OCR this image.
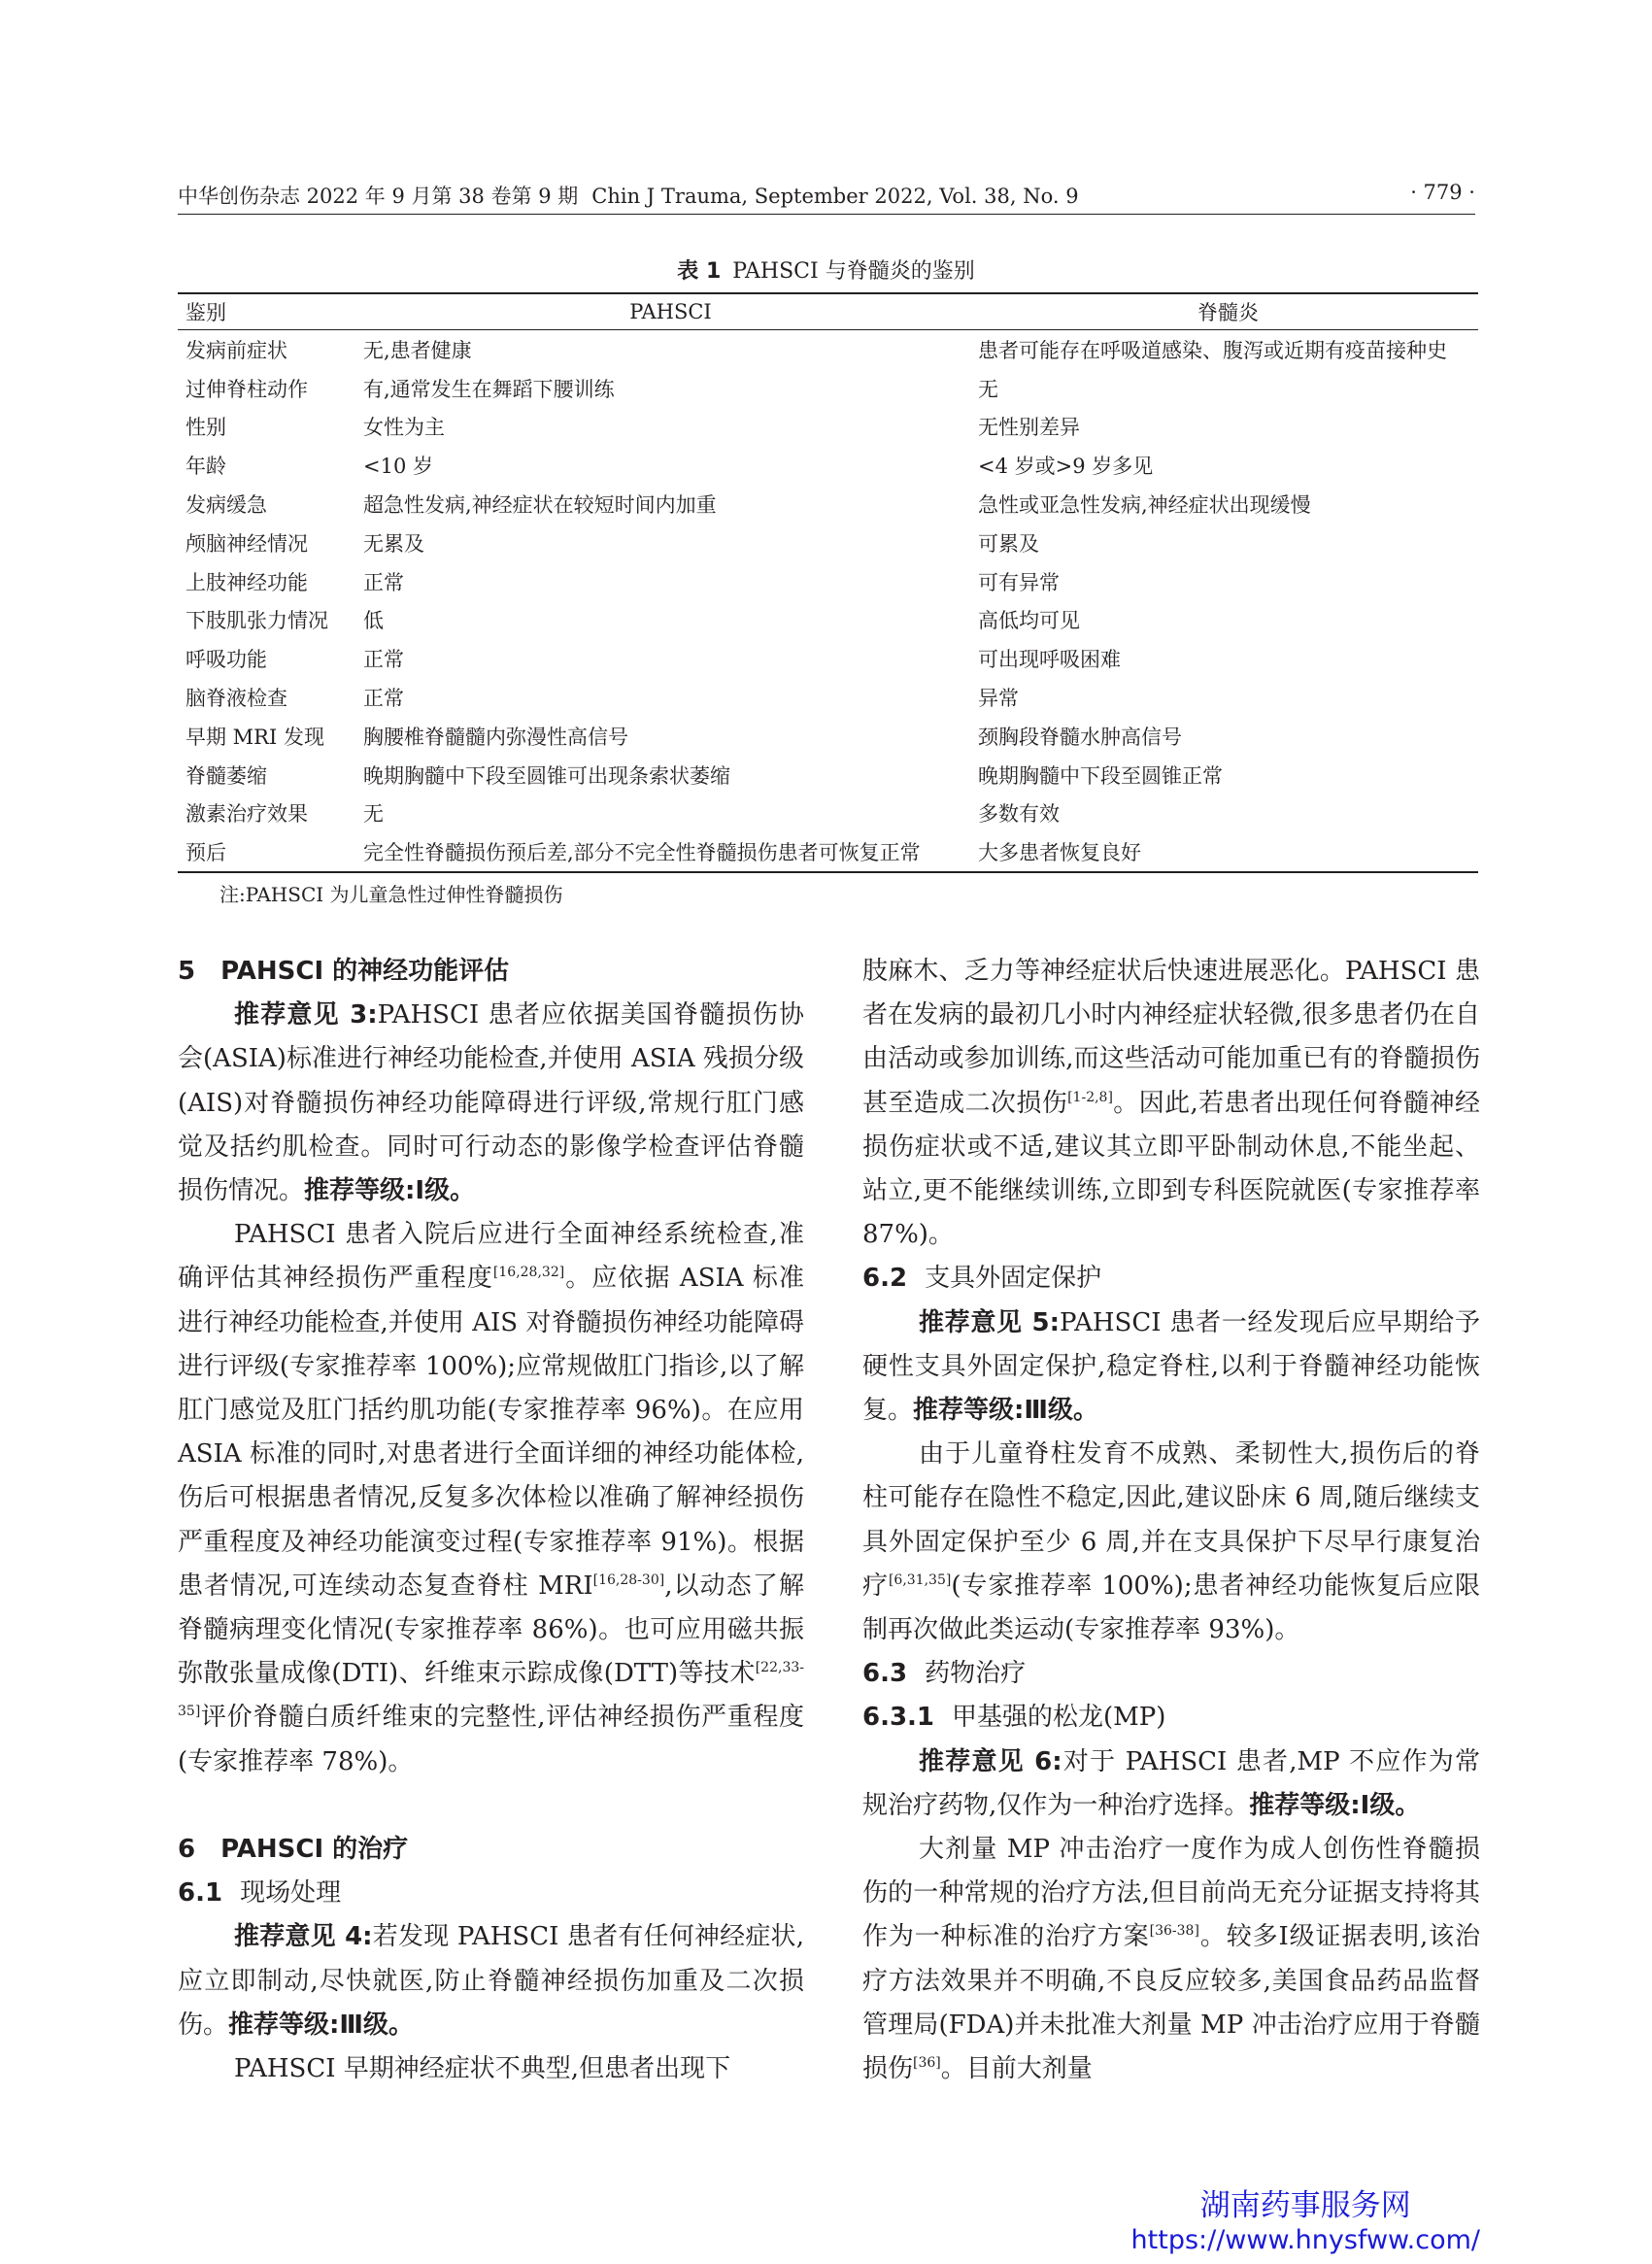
中华创伤杂志 2022 年 9 月第 38 卷第 9 期 Chin J Trauma, September 2022, Vol. 38, No. 9	· 779 ·
表 1 PAHSCI 与脊髓炎的鉴别
鉴别	PAHSCI	脊髓炎
发病前症状	无,患者健康	患者可能存在呼吸道感染、腹泻或近期有疫苗接种史
过伸脊柱动作	有,通常发生在舞蹈下腰训练	无
性别	女性为主	无性别差异
年龄	<10 岁	<4 岁或>9 岁多见
发病缓急	超急性发病,神经症状在较短时间内加重	急性或亚急性发病,神经症状出现缓慢
颅脑神经情况	无累及	可累及
上肢神经功能	正常	可有异常
下肢肌张力情况	低	高低均可见
呼吸功能	正常	可出现呼吸困难
脑脊液检查	正常	异常
早期 MRI 发现	胸腰椎脊髓髓内弥漫性高信号	颈胸段脊髓水肿高信号
脊髓萎缩	晚期胸髓中下段至圆锥可出现条索状萎缩	晚期胸髓中下段至圆锥正常
激素治疗效果	无	多数有效
预后	完全性脊髓损伤预后差,部分不完全性脊髓损伤患者可恢复正常	大多患者恢复良好
注:PAHSCI 为儿童急性过伸性脊髓损伤
5　PAHSCI 的神经功能评估

推荐意见 3:PAHSCI 患者应依据美国脊髓损伤协会(ASIA)标准进行神经功能检查,并使用 ASIA 残损分级(AIS)对脊髓损伤神经功能障碍进行评级,常规行肛门感觉及括约肌检查。同时可行动态的影像学检查评估脊髓损伤情况。推荐等级:Ⅰ级。

PAHSCI 患者入院后应进行全面神经系统检查,准确评估其神经损伤严重程度[16,28,32]。应依据 ASIA 标准进行神经功能检查,并使用 AIS 对脊髓损伤神经功能障碍进行评级(专家推荐率 100%);应常规做肛门指诊,以了解肛门感觉及肛门括约肌功能(专家推荐率 96%)。在应用 ASIA 标准的同时,对患者进行全面详细的神经功能体检,伤后可根据患者情况,反复多次体检以准确了解神经损伤严重程度及神经功能演变过程(专家推荐率 91%)。根据患者情况,可连续动态复查脊柱 MRI[16,28-30],以动态了解脊髓病理变化情况(专家推荐率 86%)。也可应用磁共振弥散张量成像(DTI)、纤维束示踪成像(DTT)等技术[22,33-35]评价脊髓白质纤维束的完整性,评估神经损伤严重程度(专家推荐率 78%)。

6　PAHSCI 的治疗
6.1 现场处理

推荐意见 4:若发现 PAHSCI 患者有任何神经症状,应立即制动,尽快就医,防止脊髓神经损伤加重及二次损伤。推荐等级:Ⅲ级。

PAHSCI 早期神经症状不典型,但患者出现下

肢麻木、乏力等神经症状后快速进展恶化。PAHSCI 患者在发病的最初几小时内神经症状轻微,很多患者仍在自由活动或参加训练,而这些活动可能加重已有的脊髓损伤甚至造成二次损伤[1-2,8]。因此,若患者出现任何脊髓神经损伤症状或不适,建议其立即平卧制动休息,不能坐起、站立,更不能继续训练,立即到专科医院就医(专家推荐率 87%)。

6.2 支具外固定保护

推荐意见 5:PAHSCI 患者一经发现后应早期给予硬性支具外固定保护,稳定脊柱,以利于脊髓神经功能恢复。推荐等级:Ⅲ级。

由于儿童脊柱发育不成熟、柔韧性大,损伤后的脊柱可能存在隐性不稳定,因此,建议卧床 6 周,随后继续支具外固定保护至少 6 周,并在支具保护下尽早行康复治疗[6,31,35](专家推荐率 100%);患者神经功能恢复后应限制再次做此类运动(专家推荐率 93%)。

6.3 药物治疗
6.3.1 甲基强的松龙(MP)

推荐意见 6:对于 PAHSCI 患者,MP 不应作为常规治疗药物,仅作为一种治疗选择。推荐等级:Ⅰ级。

大剂量 MP 冲击治疗一度作为成人创伤性脊髓损伤的一种常规的治疗方法,但目前尚无充分证据支持将其作为一种标准的治疗方案[36-38]。较多Ⅰ级证据表明,该治疗方法效果并不明确,不良反应较多,美国食品药品监督管理局(FDA)并未批准大剂量 MP 冲击治疗应用于脊髓损伤[36]。目前大剂量

湖南药事服务网
https://www.hnysfww.com/
